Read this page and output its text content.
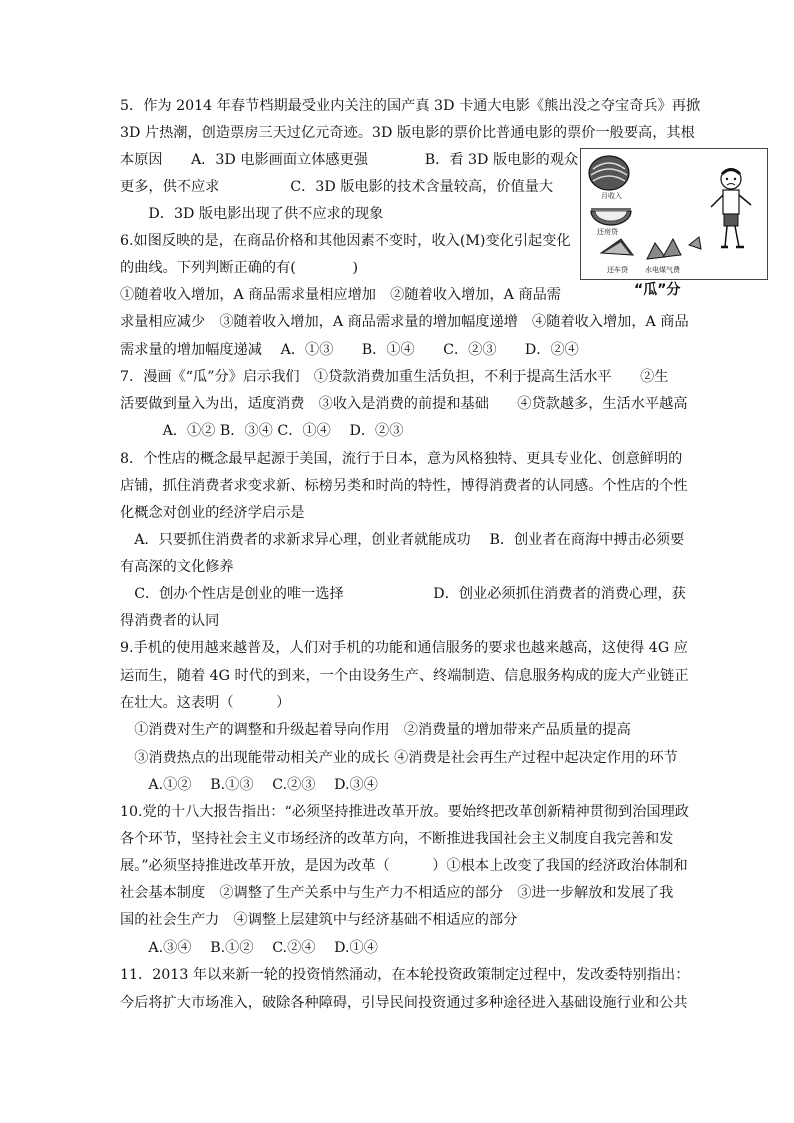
5．作为 2014 年春节档期最受业内关注的国产真 3D 卡通大电影《熊出没之夺宝奇兵》再掀
3D 片热潮，创造票房三天过亿元奇迹。3D 版电影的票价比普通电影的票价一般要高，其根
本原因　　A．3D 电影画面立体感更强　　　　B．看 3D 版电影的观众
更多，供不应求　　　　　C．3D 版电影的技术含量较高，价值量大
　　D．3D 版电影出现了供不应求的现象
6.如图反映的是，在商品价格和其他因素不变时，收入(M)变化引起变化
的曲线。下列判断正确的有(　　　　)
①随着收入增加，A 商品需求量相应增加　②随着收入增加，A 商品需
求量相应减少　③随着收入增加，A 商品需求量的增加幅度递增　④随着收入增加，A 商品
需求量的增加幅度递减　 A．①③　　B．①④　　C．②③　　D．②④
7．漫画《“瓜”分》启示我们　①贷款消费加重生活负担，不利于提高生活水平　　②生
活要做到量入为出，适度消费　③收入是消费的前提和基础　　④贷款越多，生活水平越高
　　　A．①② B．③④ C．①④　 D．②③
8．个性店的概念最早起源于美国，流行于日本，意为风格独特、更具专业化、创意鲜明的
店铺，抓住消费者求变求新、标榜另类和时尚的特性，博得消费者的认同感。个性店的个性
化概念对创业的经济学启示是
　A．只要抓住消费者的求新求异心理，创业者就能成功　 B．创业者在商海中搏击必须要
有高深的文化修养
　C．创办个性店是创业的唯一选择　　　　　　 D．创业必须抓住消费者的消费心理，获
得消费者的认同
9.手机的使用越来越普及，人们对手机的功能和通信服务的要求也越来越高，这使得 4G 应
运而生，随着 4G 时代的到来，一个由设务生产、终端制造、信息服务构成的庞大产业链正
在壮大。这表明（　　　）
　①消费对生产的调整和升级起着导向作用　②消费量的增加带来产品质量的提高
　③消费热点的出现能带动相关产业的成长 ④消费是社会再生产过程中起决定作用的环节
　　A.①②　 B.①③　 C.②③　 D.③④
10.党的十八大报告指出：“必须坚持推进改革开放。要始终把改革创新精神贯彻到治国理政
各个环节，坚持社会主义市场经济的改革方向，不断推进我国社会主义制度自我完善和发
展。”必须坚持推进改革开放，是因为改革（　　　）①根本上改变了我国的经济政治体制和
社会基本制度　②调整了生产关系中与生产力不相适应的部分　③进一步解放和发展了我
国的社会生产力　④调整上层建筑中与经济基础不相适应的部分
　　A.③④　 B.①②　 C.②④　 D.①④
11．2013 年以来新一轮的投资悄然涌动，在本轮投资政策制定过程中，发改委特别指出：
今后将扩大市场准入，破除各种障碍，引导民间投资通过多种途径进入基础设施行业和公共
月收入
还房贷
还车贷 水电煤气费
“瓜”分
